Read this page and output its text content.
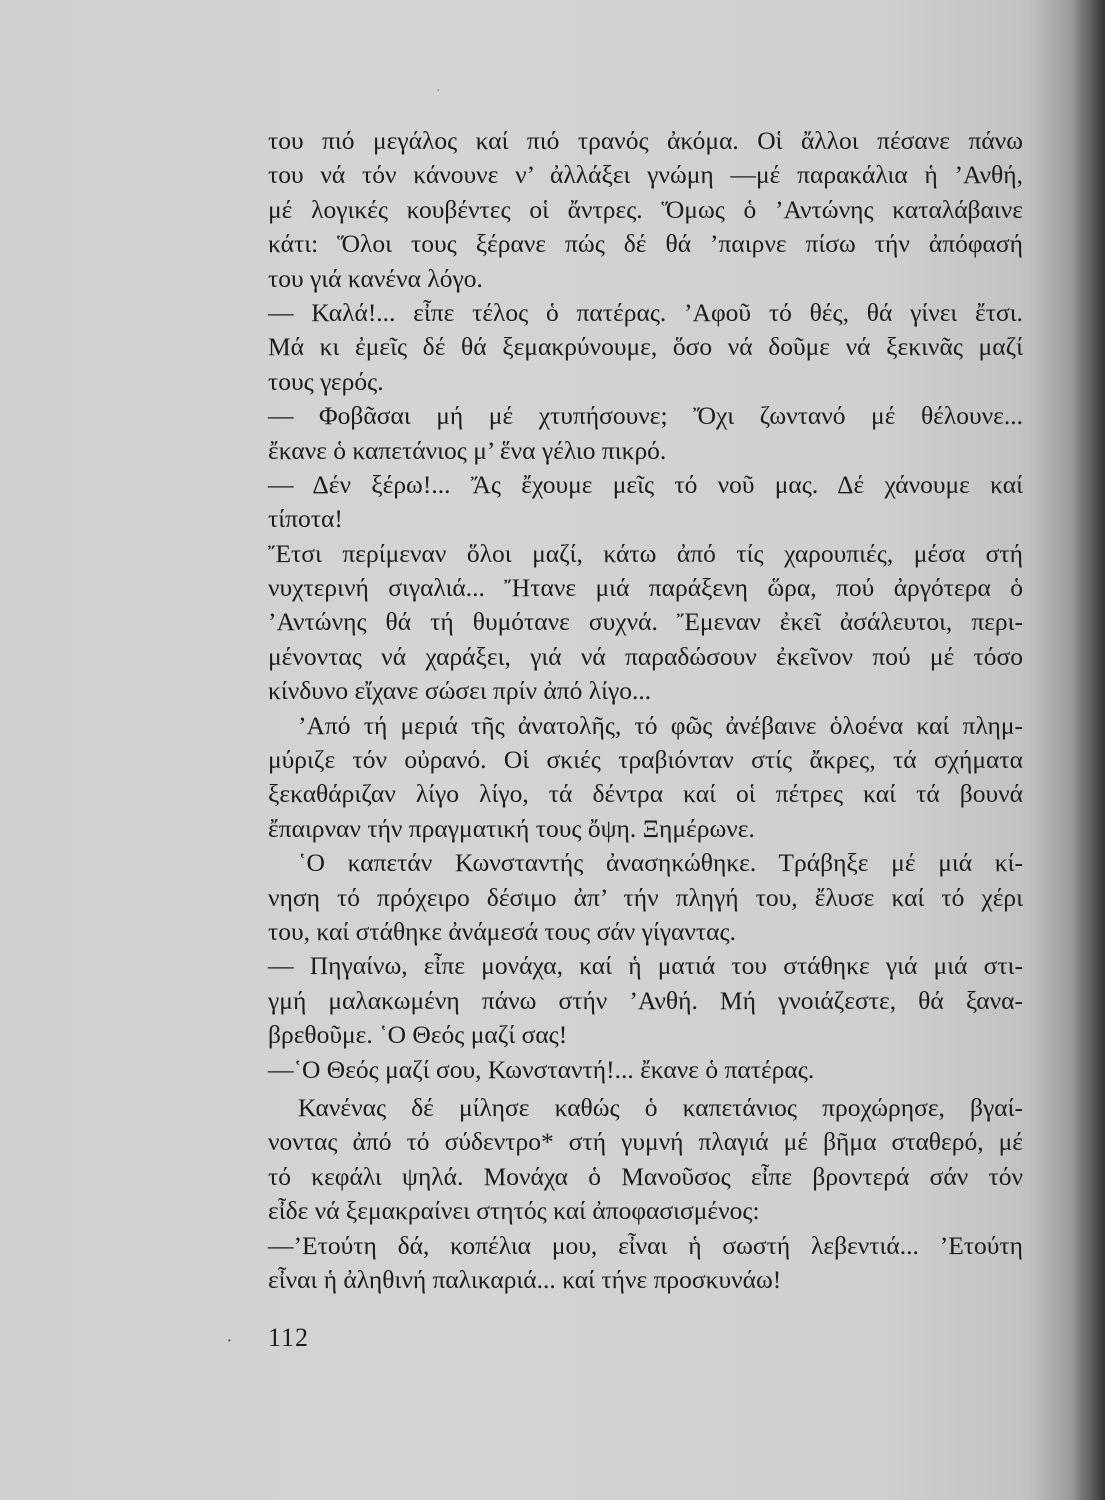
·
του πιό μεγάλος καί πιό τρανός ἀκόμα. Οἱ ἄλλοι πέσανε πάνω
του νά τόν κάνουνε ν’ ἀλλάξει γνώμη —μέ παρακάλια ἡ ’Ανθή,
μέ λογικές κουβέντες οἱ ἄντρες. Ὅμως ὁ ’Αντώνης καταλάβαινε
κάτι: Ὅλοι τους ξέρανε πώς δέ θά ’παιρνε πίσω τήν ἀπόφασή
του γιά κανένα λόγο.
— Καλά!... εἶπε τέλος ὁ πατέρας. ’Αφοῦ τό θές, θά γίνει ἔτσι.
Μά κι ἐμεῖς δέ θά ξεμακρύνουμε, ὅσο νά δοῦμε νά ξεκινᾶς μαζί
τους γερός.
— Φοβᾶσαι μή μέ χτυπήσουνε; Ὄχι ζωντανό μέ θέλουνε...
ἔκανε ὁ καπετάνιος μ’ ἕνα γέλιο πικρό.
— Δέν ξέρω!... Ἄς ἔχουμε μεῖς τό νοῦ μας. Δέ χάνουμε καί
τίποτα!
Ἔτσι περίμεναν ὅλοι μαζί, κάτω ἀπό τίς χαρουπιές, μέσα στή
νυχτερινή σιγαλιά... Ἤτανε μιά παράξενη ὥρα, πού ἀργότερα ὁ
’Αντώνης θά τή θυμότανε συχνά. Ἔμεναν ἐκεῖ ἀσάλευτοι, περι-
μένοντας νά χαράξει, γιά νά παραδώσουν ἐκεῖνον πού μέ τόσο
κίνδυνο εἴχανε σώσει πρίν ἀπό λίγο...
’Από τή μεριά τῆς ἀνατολῆς, τό φῶς ἀνέβαινε ὁλοένα καί πλημ-
μύριζε τόν οὐρανό. Οἱ σκιές τραβιόνταν στίς ἄκρες, τά σχήματα
ξεκαθάριζαν λίγο λίγο, τά δέντρα καί οἱ πέτρες καί τά βουνά
ἔπαιρναν τήν πραγματική τους ὄψη. Ξημέρωνε.
῾Ο καπετάν Κωνσταντής ἀνασηκώθηκε. Τράβηξε μέ μιά κί-
νηση τό πρόχειρο δέσιμο ἀπ’ τήν πληγή του, ἔλυσε καί τό χέρι
του, καί στάθηκε ἀνάμεσά τους σάν γίγαντας.
— Πηγαίνω, εἶπε μονάχα, καί ἡ ματιά του στάθηκε γιά μιά στι-
γμή μαλακωμένη πάνω στήν ’Ανθή. Μή γνοιάζεστε, θά ξανα-
βρεθοῦμε. ῾Ο Θεός μαζί σας!
—῾Ο Θεός μαζί σου, Κωνσταντή!... ἔκανε ὁ πατέρας.
Κανένας δέ μίλησε καθώς ὁ καπετάνιος προχώρησε, βγαί-
νοντας ἀπό τό σύδεντρο* στή γυμνή πλαγιά μέ βῆμα σταθερό, μέ
τό κεφάλι ψηλά. Μονάχα ὁ Μανοῦσος εἶπε βροντερά σάν τόν
εἶδε νά ξεμακραίνει στητός καί ἀποφασισμένος:
—’Ετούτη δά, κοπέλια μου, εἶναι ἡ σωστή λεβεντιά... ’Ετούτη
εἶναι ἡ ἀληθινή παλικαριά... καί τήνε προσκυνάω!
· 112
